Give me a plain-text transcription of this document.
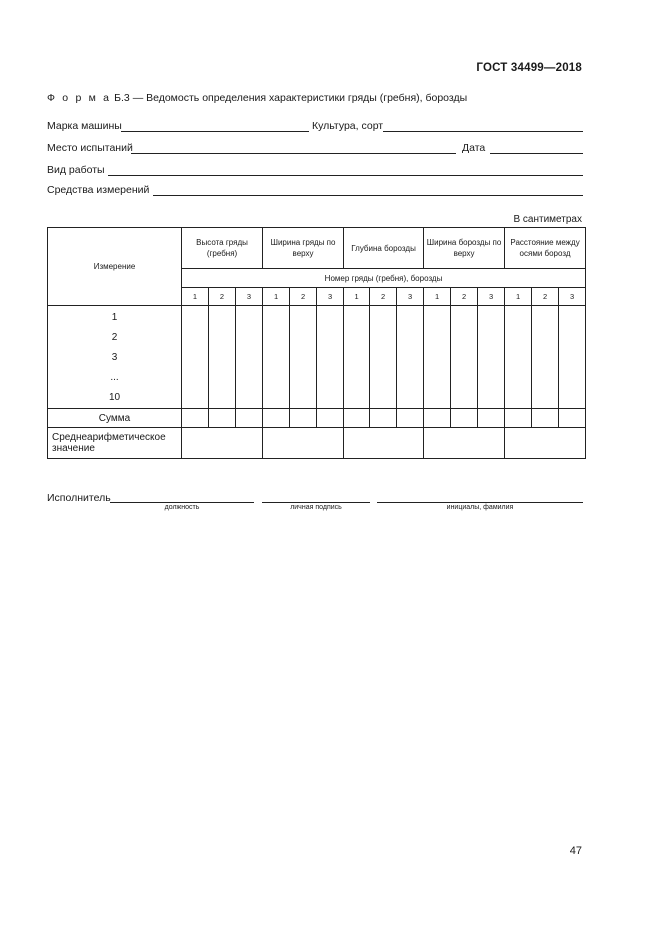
ГОСТ 34499—2018
Ф о р м а Б.3 — Ведомость определения характеристики гряды (гребня), борозды
Марка машины	Культура, сорт
Место испытаний	Дата
Вид работы
Средства измерений
В сантиметрах
Измерение	Высота гряды (гребня)			Ширина гряды по верху			Глубина борозды			Ширина борозды по верху			Расстояние между осями борозд		
	Номер гряды (гребня), борозды														
	1	2	3	1	2	3	1	2	3	1	2	3	1	2	3

1
2
3
...
10															

Сумма															
Среднеарифметическое значение															
Исполнитель
должность	личная подпись	инициалы, фамилия
47
